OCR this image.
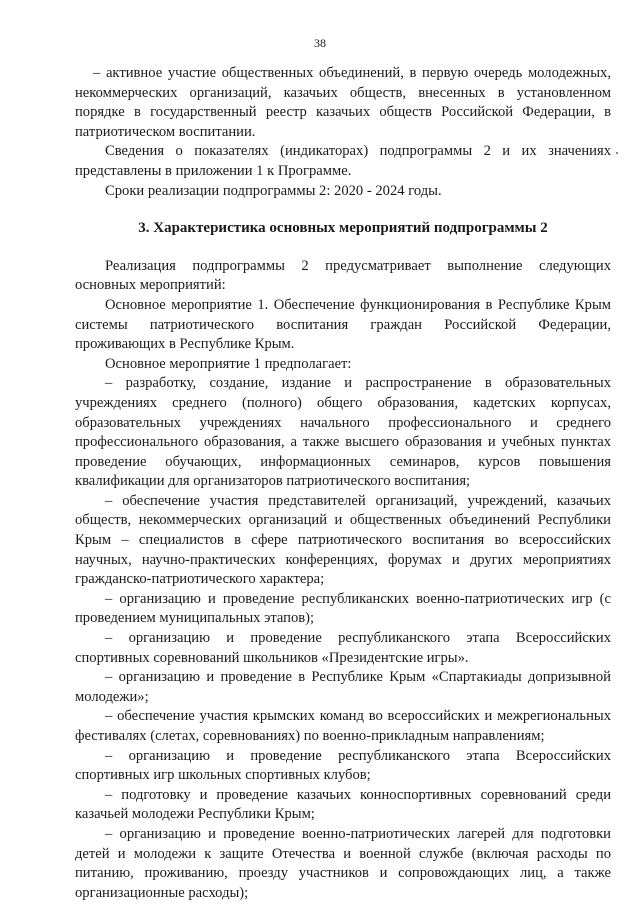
38

– активное участие общественных объединений, в первую очередь молодежных, некоммерческих организаций, казачьих обществ, внесенных в установленном порядке в государственный реестр казачьих обществ Российской Федерации, в патриотическом воспитании.

Сведения о показателях (индикаторах) подпрограммы 2 и их значениях представлены в приложении 1 к Программе.

Сроки реализации подпрограммы 2: 2020 - 2024 годы.

3. Характеристика основных мероприятий подпрограммы 2

Реализация подпрограммы 2 предусматривает выполнение следующих основных мероприятий:

Основное мероприятие 1. Обеспечение функционирования в Республике Крым системы патриотического воспитания граждан Российской Федерации, проживающих в Республике Крым.

Основное мероприятие 1 предполагает:

– разработку, создание, издание и распространение в образовательных учреждениях среднего (полного) общего образования, кадетских корпусах, образовательных учреждениях начального профессионального и среднего профессионального образования, а также высшего образования и учебных пунктах проведение обучающих, информационных семинаров, курсов повышения квалификации для организаторов патриотического воспитания;

– обеспечение участия представителей организаций, учреждений, казачьих обществ, некоммерческих организаций и общественных объединений Республики Крым – специалистов в сфере патриотического воспитания во всероссийских научных, научно-практических конференциях, форумах и других мероприятиях гражданско-патриотического характера;

– организацию и проведение республиканских военно-патриотических игр (с проведением муниципальных этапов);

– организацию и проведение республиканского этапа Всероссийских спортивных соревнований школьников «Президентские игры».

– организацию и проведение в Республике Крым «Спартакиады допризывной молодежи»;

– обеспечение участия крымских команд во всероссийских и межрегиональных фестивалях (слетах, соревнованиях) по военно-прикладным направлениям;

– организацию и проведение республиканского этапа Всероссийских спортивных игр школьных спортивных клубов;

– подготовку и проведение казачьих конноспортивных соревнований среди казачьей молодежи Республики Крым;

– организацию и проведение военно-патриотических лагерей для подготовки детей и молодежи к защите Отечества и военной службе (включая расходы по питанию, проживанию, проезду участников и сопровождающих лиц, а также организационные расходы);
